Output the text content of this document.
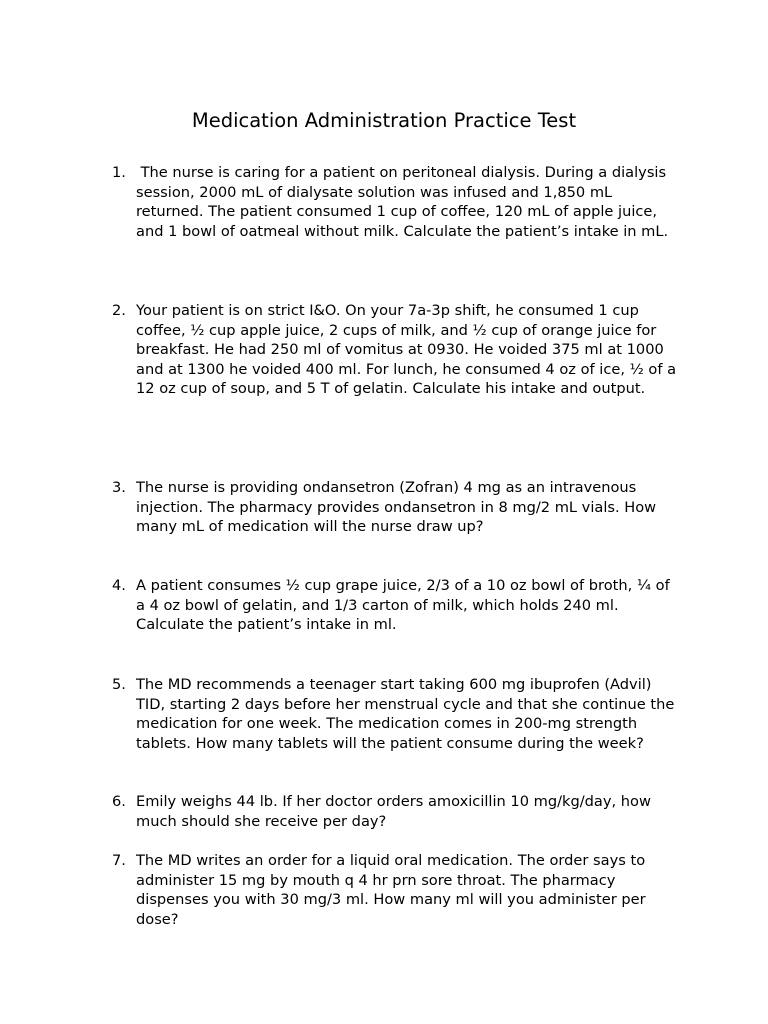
Medication Administration Practice Test
1. The nurse is caring for a patient on peritoneal dialysis. During a dialysis session, 2000 mL of dialysate solution was infused and 1,850 mL returned. The patient consumed 1 cup of coffee, 120 mL of apple juice, and 1 bowl of oatmeal without milk. Calculate the patient’s intake in mL.
2. Your patient is on strict I&O. On your 7a-3p shift, he consumed 1 cup coffee, ½ cup apple juice, 2 cups of milk, and ½ cup of orange juice for breakfast. He had 250 ml of vomitus at 0930. He voided 375 ml at 1000 and at 1300 he voided 400 ml. For lunch, he consumed 4 oz of ice, ½ of a 12 oz cup of soup, and 5 T of gelatin. Calculate his intake and output.
3. The nurse is providing ondansetron (Zofran) 4 mg as an intravenous injection. The pharmacy provides ondansetron in 8 mg/2 mL vials. How many mL of medication will the nurse draw up?
4. A patient consumes ½ cup grape juice, 2/3 of a 10 oz bowl of broth, ¼ of a 4 oz bowl of gelatin, and 1/3 carton of milk, which holds 240 ml. Calculate the patient’s intake in ml.
5. The MD recommends a teenager start taking 600 mg ibuprofen (Advil) TID, starting 2 days before her menstrual cycle and that she continue the medication for one week. The medication comes in 200-mg strength tablets. How many tablets will the patient consume during the week?
6. Emily weighs 44 lb. If her doctor orders amoxicillin 10 mg/kg/day, how much should she receive per day?
7. The MD writes an order for a liquid oral medication. The order says to administer 15 mg by mouth q 4 hr prn sore throat. The pharmacy dispenses you with 30 mg/3 ml. How many ml will you administer per dose?
